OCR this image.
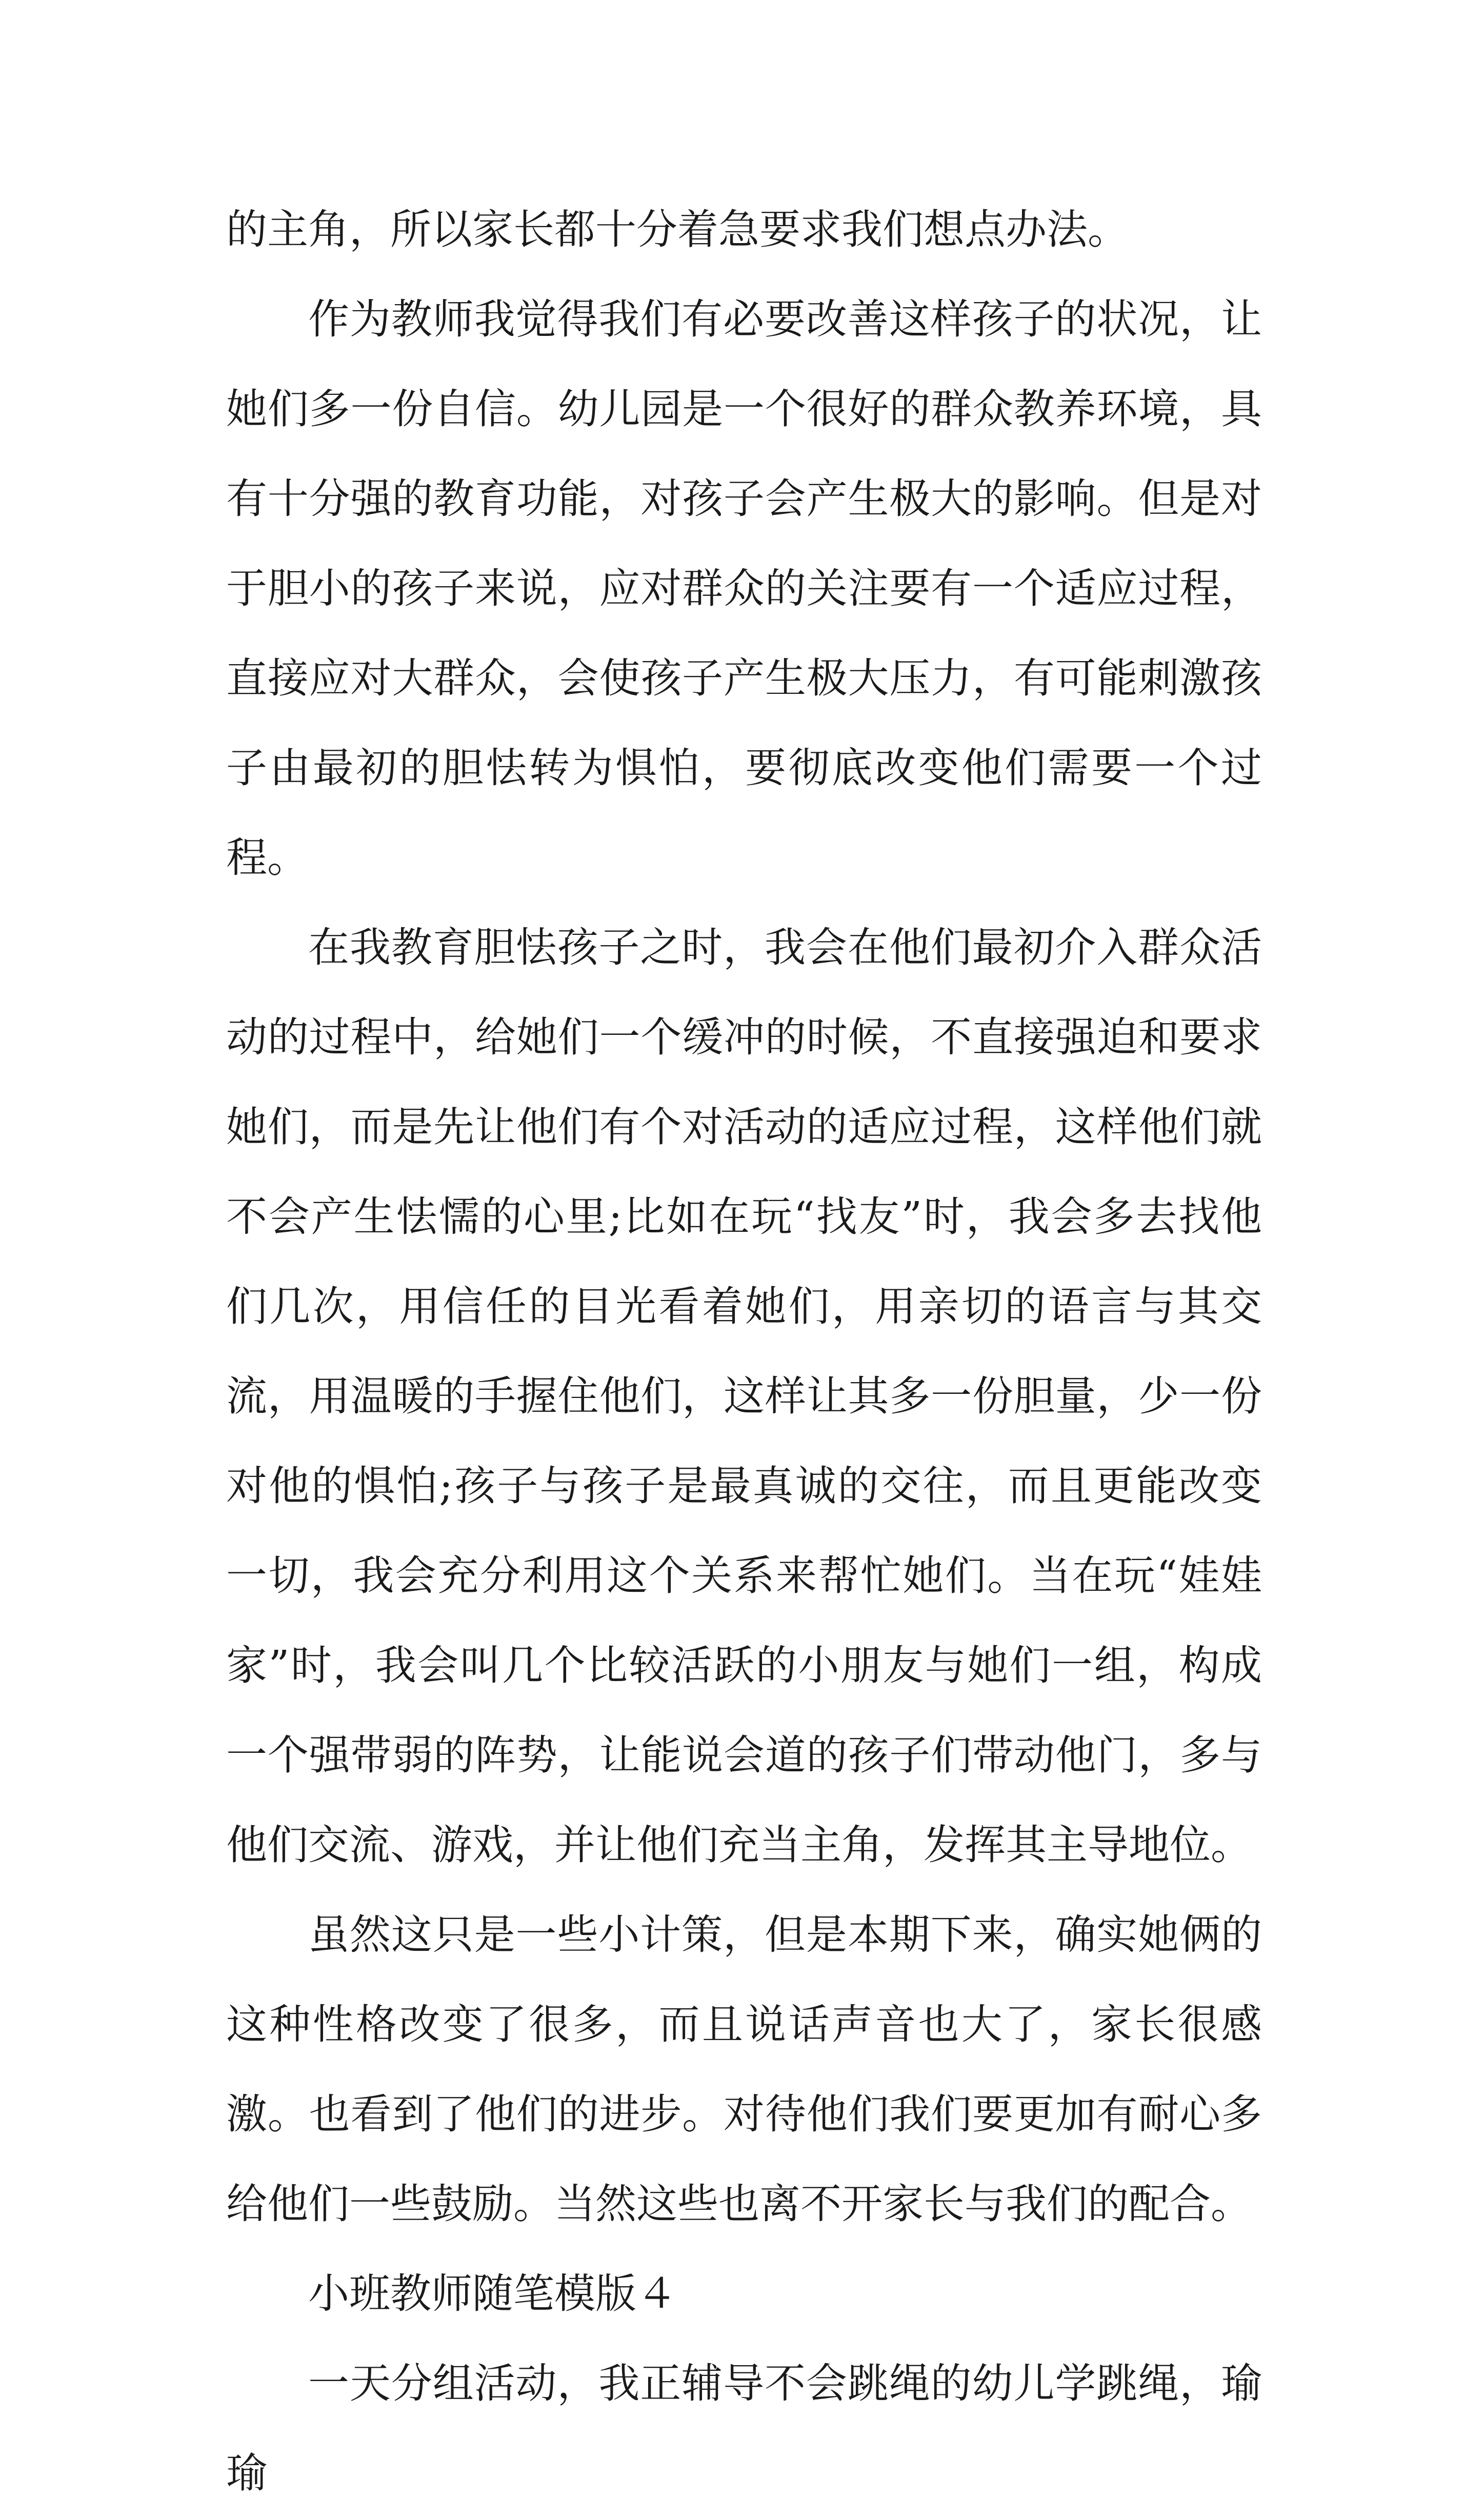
的主角，所以家长都十分着急要求我们想点办法。

作为教师我觉得我们有必要改善这样孩子的状况，让她们多一份自信。幼儿园是一个很好的群众教养环境，具有十分强的教育功能，对孩子会产生极大的影响。但是对于胆小的孩子来说，应对群众的关注要有一个适应过程，直接应对大群众，会使孩子产生极大压力，有可能刺激孩子由最初的胆怯转为惧怕，要彻底改变他们需要一个过程。

在我教育胆怯孩子之时，我会在他们最初介入群众活动的过程中，给她们一个缓冲的时候，不直接强迫和要求她们，而是先让他们有个对活动的适应过程，这样他们就不会产生怯懦的心里;比如在玩“找友”时，我会多去找他们几次，用信任的目光看着她们，用亲切的语言与其交流，用温暖的手握住他们，这样让其多一份胆量，少一份对他的惧怕;孩子与孩子是最真诚的交往，而且更能改变一切，我会充分利用这个关系来帮忙她们。当在玩“娃娃家”时，我会叫几个比较活跃的小朋友与她们一组，构成一个强带弱的阵势，让能说会道的孩子们带动他门，多与他们交流、游戏，并让他们充当主角，发挥其主导地位。

虽然这只是一些小计策，但是本期下来，确实她俩的这种性格改变了很多，而且说话声音也大了，家长很感激。也看到了他们的进步。对待他们我们要更加有耐心多给他们一些鼓励。当然这些也离不开家长与我们的配合。

小班教师随笔模版４

一天分组活动，我正辅导不会跳绳的幼儿学跳绳，瑜瑜
